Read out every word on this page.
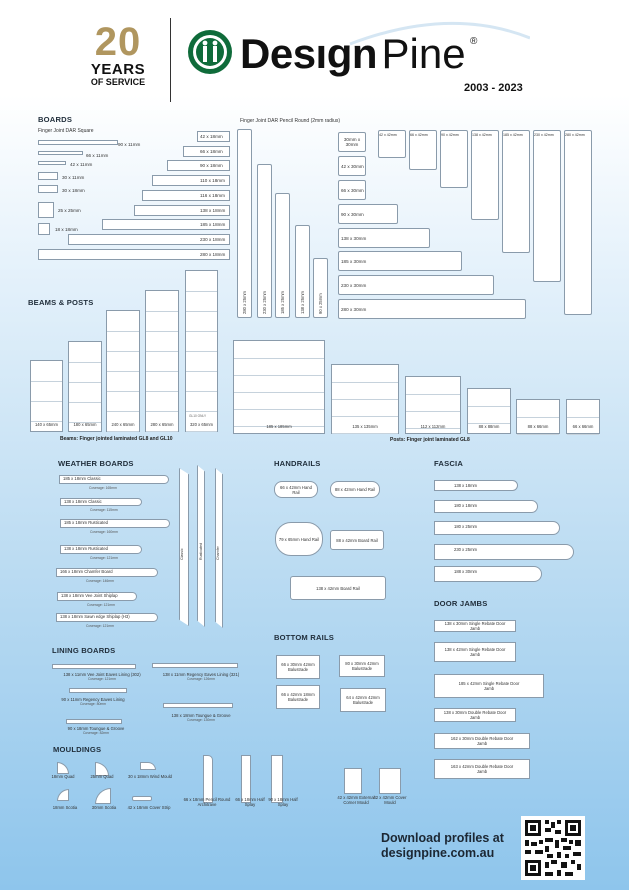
20
YEARS
OF SERVICE
Desıgn Pine ®
2003 - 2023
BOARDS
Finger Joint DAR Square
90 x 11mm
66 x 11mm
42 x 11mm
30 x 11mm
30 x 18mm
25 x 25mm
18 x 18mm
42 x 18mm
66 x 18mm
90 x 18mm
110 x 18mm
116 x 18mm
138 x 18mm
185 x 18mm
230 x 18mm
280 x 18mm
Finger Joint DAR Pencil Round (2mm radius)
280 x 25mm	230 x 25mm	185 x 25mm	138 x 25mm	90 x 25mm
30mm x 30mm
42 x 30mm
66 x 30mm
90 x 30mm
138 x 30mm
185 x 30mm
230 x 30mm
280 x 30mm
42 x 42mm	66 x 42mm	90 x 42mm	138 x 42mm	185 x 42mm	230 x 42mm	280 x 42mm
BEAMS & POSTS
140 x 65mm	180 x 65mm	240 x 65mm	280 x 65mm	320 x 65mm
GL10 ONLY
Beams: Finger jointed laminated GL8 and GL10
185 x 185mm	135 x 135mm	112 x 112mm	88 x 88mm	88 x 66mm	66 x 66mm
Posts: Finger joint laminated GL8
WEATHER BOARDS
185 x 18mm Classic
Coverage: 165mm
138 x 18mm Classic
Coverage: 115mm
185 x 18mm Rusticated
Coverage: 160mm
138 x 18mm Rusticated
Coverage: 121mm
166 x 18mm Chamfer Board
Coverage: 146mm
138 x 18mm Vee Joint Shiplap
Coverage: 121mm
138 x 18mm Sawn edge Shiplap (H3)
Coverage: 121mm
Classic	Rusticated	Chamfer
LINING BOARDS
138 x 11mm Vee Joint Eaves Lining (302)
Coverage: 121mm
138 x 11mm Regency Eaves Lining (321)
Coverage: 126mm
90 x 11mm Regency Eaves Lining
Coverage: 80mm
138 x 18mm Toungue & Groove
Coverage: 130mm
90 x 18mm Toungue & Groove
Coverage: 82mm
MOULDINGS
18mm Quad	25mm Quad	30 x 18mm Wind Mould
18mm Scotia	30mm Scotia	42 x 18mm Cover Strip
66 x 18mm Pencil Round Architrave
66 x 18mm Half Splay
90 x 18mm Half Splay
42 x 42mm External Corner Mould
42 x 42mm Cover Mould
HANDRAILS
66 x 42mm Hand Rail	88 x 42mm Hand Rail
79 x 65mm Hand Rail	88 x 42mm Board Rail
138 x 42mm Board Rail
BOTTOM RAILS
66 x 30mm 42mm Balustrade
80 x 30mm 42mm Balustrade
66 x 42mm 18mm Balustrade	64 x 42mm 42mm Balustrade
FASCIA
138 x 18mm
180 x 18mm
180 x 25mm
230 x 25mm
188 x 30mm
DOOR JAMBS
138 x 30mm Single Rebate Door Jamb
138 x 42mm Single Rebate Door Jamb
185 x 42mm Single Rebate Door Jamb
138 x 30mm Double Rebate Door Jamb
162 x 30mm Double Rebate Door Jamb
163 x 42mm Double Rebate Door Jamb
Download profiles at
designpine.com.au
